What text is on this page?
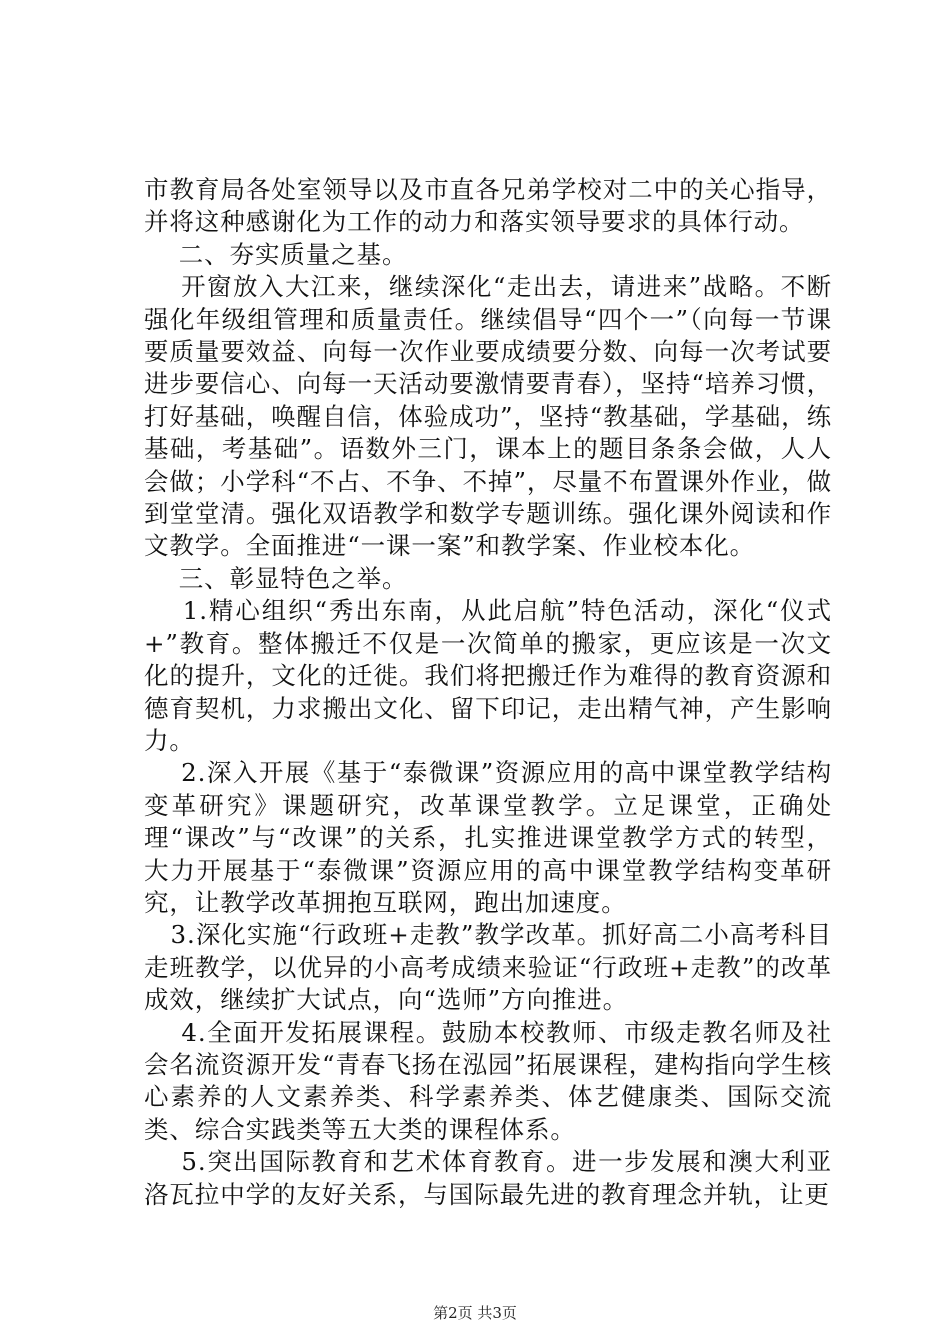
市教育局各处室领导以及市直各兄弟学校对二中的关心指导，并将这种感谢化为工作的动力和落实领导要求的具体行动。

二、夯实质量之基。

开窗放入大江来，继续深化“走出去，请进来”战略。不断强化年级组管理和质量责任。继续倡导“四个一”（向每一节课要质量要效益、向每一次作业要成绩要分数、向每一次考试要进步要信心、向每一天活动要激情要青春），坚持“培养习惯，打好基础，唤醒自信，体验成功”，坚持“教基础，学基础，练基础，考基础”。语数外三门，课本上的题目条条会做，人人会做；小学科“不占、不争、不掉”，尽量不布置课外作业，做到堂堂清。强化双语教学和数学专题训练。强化课外阅读和作文教学。全面推进“一课一案”和教学案、作业校本化。

三、彰显特色之举。

1.精心组织“秀出东南，从此启航”特色活动，深化“仪式+”教育。整体搬迁不仅是一次简单的搬家，更应该是一次文化的提升，文化的迁徙。我们将把搬迁作为难得的教育资源和德育契机，力求搬出文化、留下印记，走出精气神，产生影响力。

2.深入开展《基于“泰微课”资源应用的高中课堂教学结构变革研究》课题研究，改革课堂教学。立足课堂，正确处理“课改”与“改课”的关系，扎实推进课堂教学方式的转型，大力开展基于“泰微课”资源应用的高中课堂教学结构变革研究，让教学改革拥抱互联网，跑出加速度。

3.深化实施“行政班+走教”教学改革。抓好高二小高考科目走班教学，以优异的小高考成绩来验证“行政班+走教”的改革成效，继续扩大试点，向“选师”方向推进。

4.全面开发拓展课程。鼓励本校教师、市级走教名师及社会名流资源开发“青春飞扬在泓园”拓展课程，建构指向学生核心素养的人文素养类、科学素养类、体艺健康类、国际交流类、综合实践类等五大类的课程体系。

5.突出国际教育和艺术体育教育。进一步发展和澳大利亚洛瓦拉中学的友好关系，与国际最先进的教育理念并轨，让更

第2页 共3页
